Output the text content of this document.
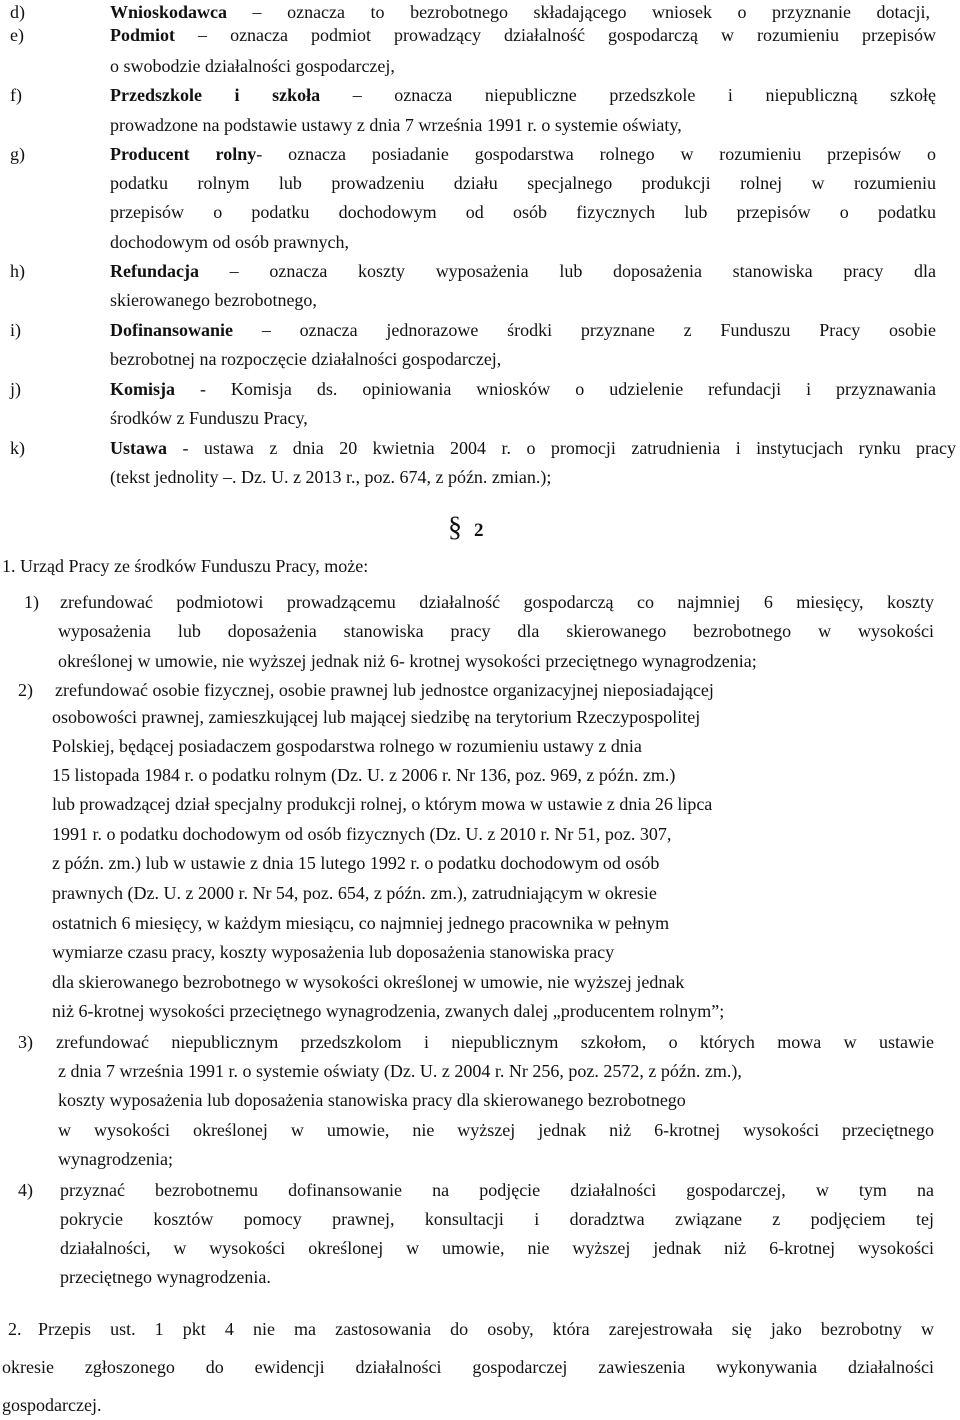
d)	Wnioskodawca – oznacza to bezrobotnego składającego wniosek o przyznanie dotacji,
e)	Podmiot – oznacza podmiot prowadzący działalność gospodarczą w rozumieniu przepisów
o swobodzie działalności gospodarczej,
f)	Przedszkole i szkoła – oznacza niepubliczne przedszkole i niepubliczną szkołę
prowadzone na podstawie ustawy z dnia 7 września 1991 r. o systemie oświaty,
g)	Producent rolny- oznacza posiadanie gospodarstwa rolnego w rozumieniu przepisów o
podatku rolnym lub prowadzeniu działu specjalnego produkcji rolnej w rozumieniu
przepisów o podatku dochodowym od osób fizycznych lub przepisów o podatku
dochodowym od osób prawnych,
h)	Refundacja – oznacza koszty wyposażenia lub doposażenia stanowiska pracy dla
skierowanego bezrobotnego,
i)	Dofinansowanie – oznacza jednorazowe środki przyznane z Funduszu Pracy osobie
bezrobotnej na rozpoczęcie działalności gospodarczej,
j)	Komisja - Komisja ds. opiniowania wniosków o udzielenie refundacji i przyznawania
środków z Funduszu Pracy,
k)	Ustawa - ustawa z dnia 20 kwietnia 2004 r. o promocji zatrudnienia i instytucjach rynku pracy
(tekst jednolity –. Dz. U. z 2013 r., poz. 674, z późn. zmian.);
§ 2
1. Urząd Pracy ze środków Funduszu Pracy, może:
1) zrefundować podmiotowi prowadzącemu działalność gospodarczą co najmniej 6 miesięcy, koszty
wyposażenia lub doposażenia stanowiska pracy dla skierowanego bezrobotnego w wysokości
określonej w umowie, nie wyższej jednak niż 6- krotnej wysokości przeciętnego wynagrodzenia;
2) zrefundować osobie fizycznej, osobie prawnej lub jednostce organizacyjnej nieposiadającej
osobowości prawnej, zamieszkującej lub mającej siedzibę na terytorium Rzeczypospolitej
Polskiej, będącej posiadaczem gospodarstwa rolnego w rozumieniu ustawy z dnia
15 listopada 1984 r. o podatku rolnym (Dz. U. z 2006 r. Nr 136, poz. 969, z późn. zm.)
lub prowadzącej dział specjalny produkcji rolnej, o którym mowa w ustawie z dnia 26 lipca
1991 r. o podatku dochodowym od osób fizycznych (Dz. U. z 2010 r. Nr 51, poz. 307,
z późn. zm.) lub w ustawie z dnia 15 lutego 1992 r. o podatku dochodowym od osób
prawnych (Dz. U. z 2000 r. Nr 54, poz. 654, z późn. zm.), zatrudniającym w okresie
ostatnich 6 miesięcy, w każdym miesiącu, co najmniej jednego pracownika w pełnym
wymiarze czasu pracy, koszty wyposażenia lub doposażenia stanowiska pracy
dla skierowanego bezrobotnego w wysokości określonej w umowie, nie wyższej jednak
niż 6-krotnej wysokości przeciętnego wynagrodzenia, zwanych dalej „producentem rolnym”;
3) zrefundować niepublicznym przedszkolom i niepublicznym szkołom, o których mowa w ustawie
z dnia 7 września 1991 r. o systemie oświaty (Dz. U. z 2004 r. Nr 256, poz. 2572, z późn. zm.),
koszty wyposażenia lub doposażenia stanowiska pracy dla skierowanego bezrobotnego
w wysokości określonej w umowie, nie wyższej jednak niż 6-krotnej wysokości przeciętnego
wynagrodzenia;
4) przyznać bezrobotnemu dofinansowanie na podjęcie działalności gospodarczej, w tym na
pokrycie kosztów pomocy prawnej, konsultacji i doradztwa związane z podjęciem tej
działalności, w wysokości określonej w umowie, nie wyższej jednak niż 6-krotnej wysokości
przeciętnego wynagrodzenia.
2. Przepis ust. 1 pkt 4 nie ma zastosowania do osoby, która zarejestrowała się jako bezrobotny w
okresie zgłoszonego do ewidencji działalności gospodarczej zawieszenia wykonywania działalności
gospodarczej.
